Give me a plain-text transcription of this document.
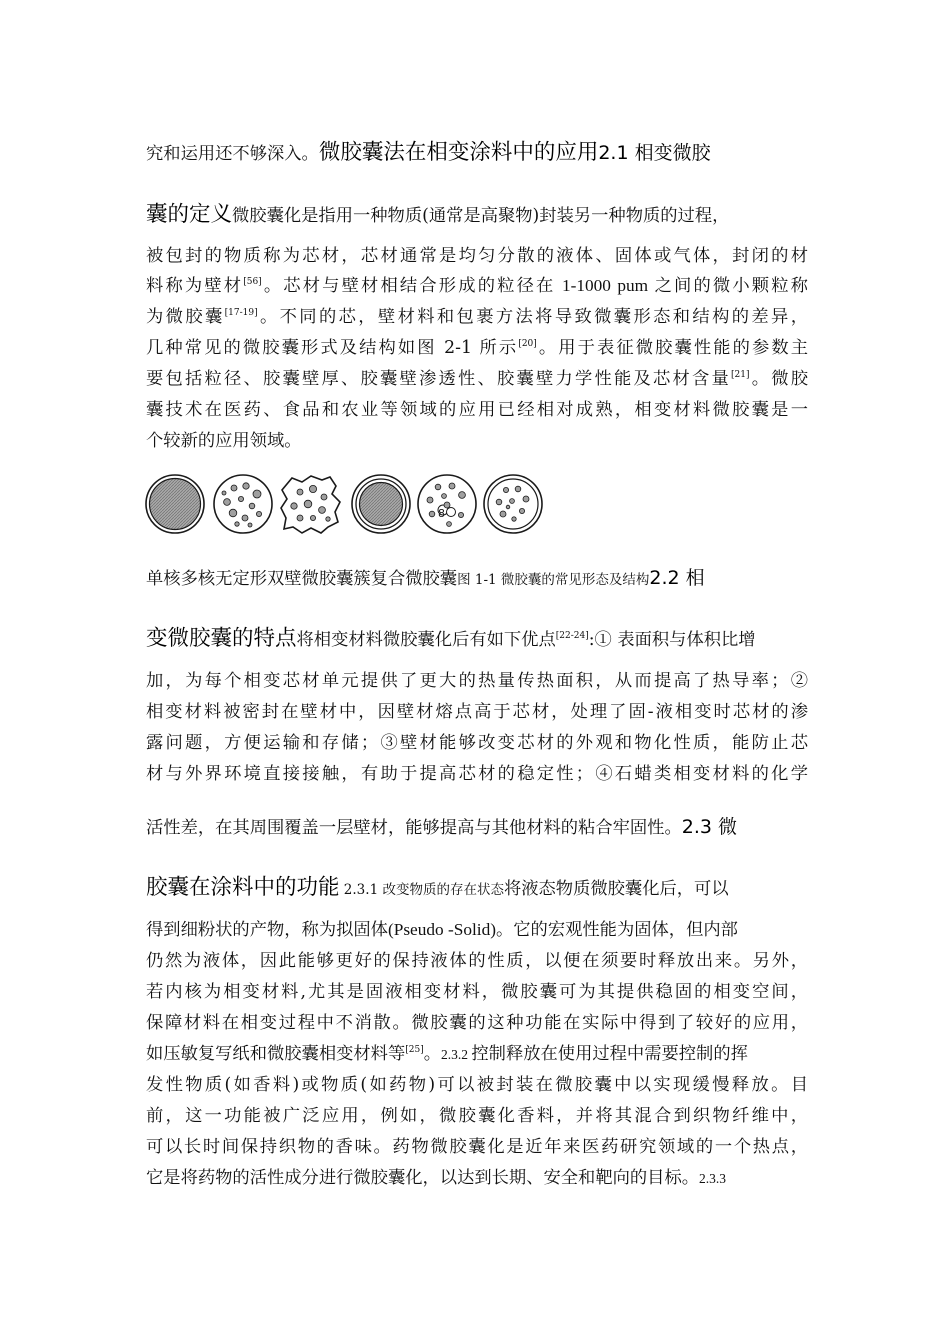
究和运用还不够深入。微胶囊法在相变涂料中的应用2.1 相变微胶
囊的定义微胶囊化是指用一种物质(通常是高聚物)封装另一种物质的过程，
被包封的物质称为芯材，芯材通常是均匀分散的液体、固体或气体，封闭的材
料称为壁材[56]。芯材与壁材相结合形成的粒径在 1-1000 pum 之间的微小颗粒称
为微胶囊[17-19]。不同的芯，壁材料和包裹方法将导致微囊形态和结构的差异，
几种常见的微胶囊形式及结构如图 2-1 所示[20]。用于表征微胶囊性能的参数主
要包括粒径、胶囊壁厚、胶囊壁渗透性、胶囊壁力学性能及芯材含量[21]。微胶
囊技术在医药、食品和农业等领域的应用已经相对成熟，相变材料微胶囊是一
个较新的应用领域。
8
单核多核无定形双壁微胶囊簇复合微胶囊图 1-1 微胶囊的常见形态及结构2.2 相
变微胶囊的特点将相变材料微胶囊化后有如下优点[22-24]:① 表面积与体积比增
加，为每个相变芯材单元提供了更大的热量传热面积，从而提高了热导率；②
相变材料被密封在壁材中，因壁材熔点高于芯材，处理了固-液相变时芯材的渗
露问题，方便运输和存储；③壁材能够改变芯材的外观和物化性质，能防止芯
材与外界环境直接接触，有助于提高芯材的稳定性；④石蜡类相变材料的化学
活性差，在其周围覆盖一层壁材，能够提高与其他材料的粘合牢固性。2.3 微
胶囊在涂料中的功能 2.3.1 改变物质的存在状态将液态物质微胶囊化后，可以
得到细粉状的产物，称为拟固体(Pseudo -Solid)。它的宏观性能为固体，但内部
仍然为液体，因此能够更好的保持液体的性质，以便在须要时释放出来。另外，
若内核为相变材料,尤其是固液相变材料，微胶囊可为其提供稳固的相变空间，
保障材料在相变过程中不消散。微胶囊的这种功能在实际中得到了较好的应用，
如压敏复写纸和微胶囊相变材料等[25]。2.3.2 控制释放在使用过程中需要控制的挥
发性物质(如香料)或物质(如药物)可以被封装在微胶囊中以实现缓慢释放。目
前，这一功能被广泛应用，例如，微胶囊化香料，并将其混合到织物纤维中，
可以长时间保持织物的香味。药物微胶囊化是近年来医药研究领域的一个热点，
它是将药物的活性成分进行微胶囊化，以达到长期、安全和靶向的目标。2.3.3
